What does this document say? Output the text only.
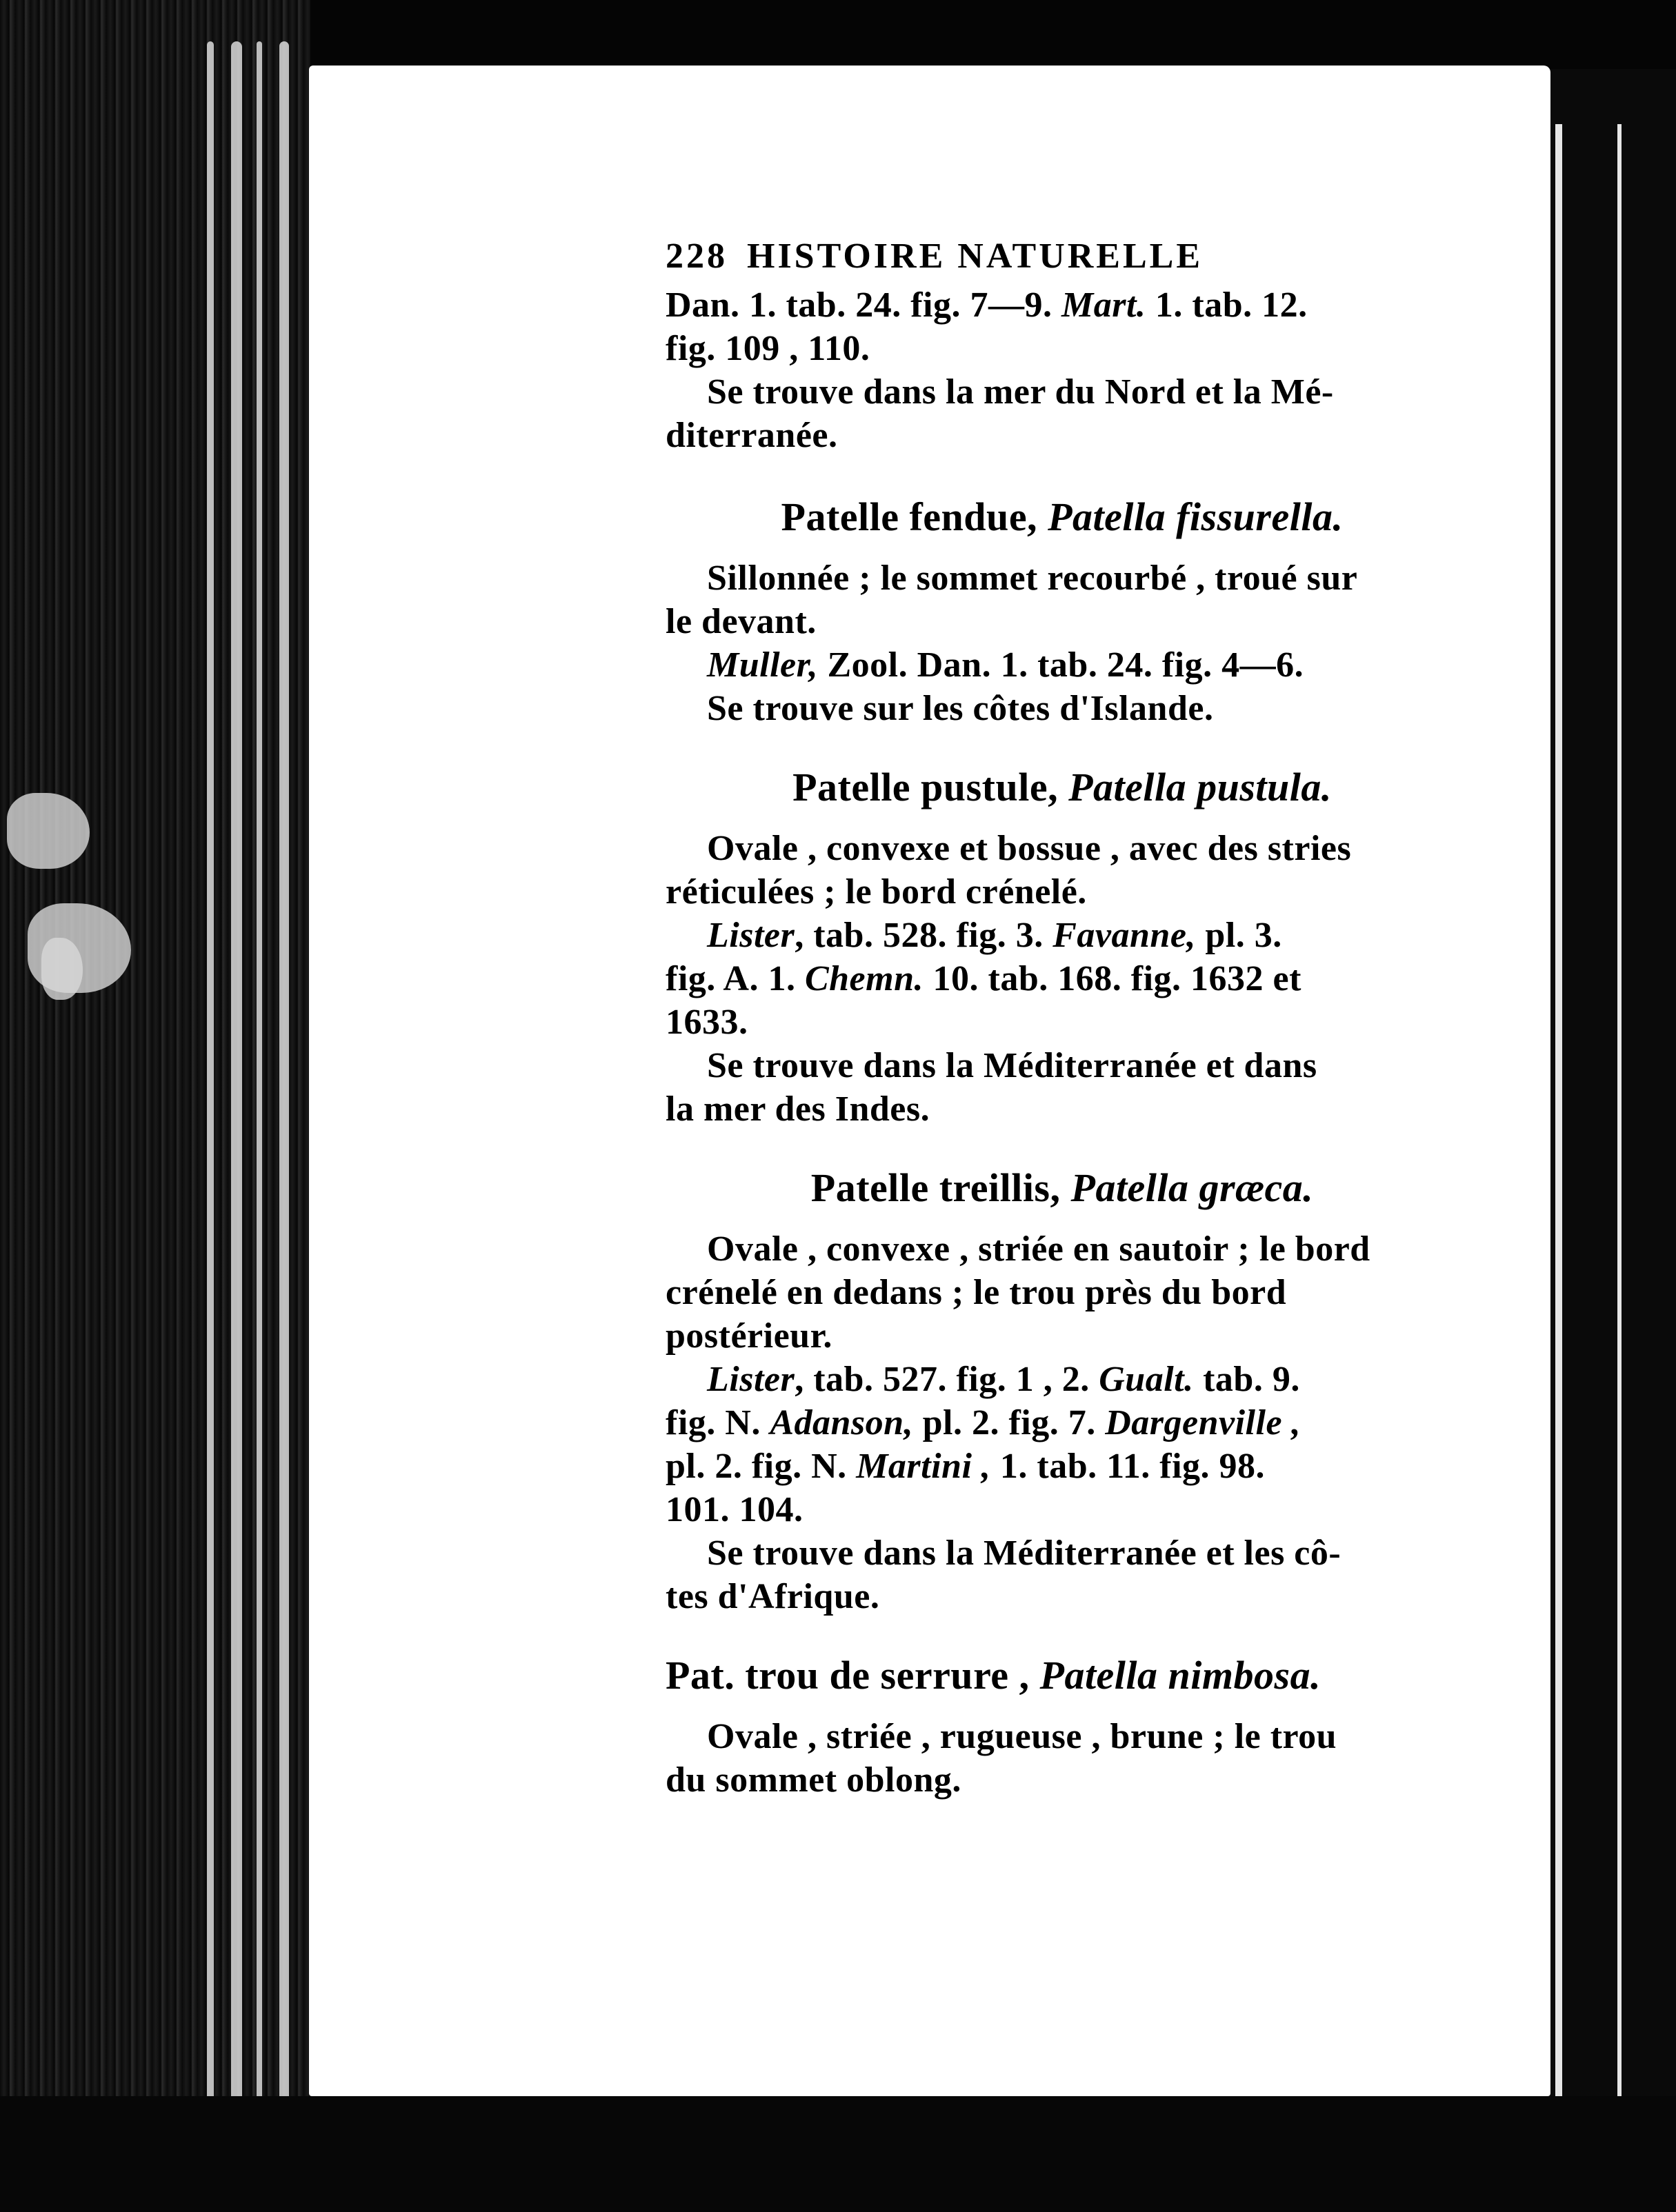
228 HISTOIRE NATURELLE
Dan. 1. tab. 24. fig. 7—9. Mart. 1. tab. 12.
fig. 109 , 110.
Se trouve dans la mer du Nord et la Mé-
diterranée.
Patelle fendue, Patella fissurella.
Sillonnée ; le sommet recourbé , troué sur
le devant.
Muller, Zool. Dan. 1. tab. 24. fig. 4—6.
Se trouve sur les côtes d'Islande.
Patelle pustule, Patella pustula.
Ovale , convexe et bossue , avec des stries
réticulées ; le bord crénelé.
Lister, tab. 528. fig. 3. Favanne, pl. 3.
fig. A. 1. Chemn. 10. tab. 168. fig. 1632 et
1633.
Se trouve dans la Méditerranée et dans
la mer des Indes.
Patelle treillis, Patella græca.
Ovale , convexe , striée en sautoir ; le bord
crénelé en dedans ; le trou près du bord
postérieur.
Lister, tab. 527. fig. 1 , 2. Gualt. tab. 9.
fig. N. Adanson, pl. 2. fig. 7. Dargenville ,
pl. 2. fig. N. Martini , 1. tab. 11. fig. 98.
101. 104.
Se trouve dans la Méditerranée et les cô-
tes d'Afrique.
Pat. trou de serrure , Patella nimbosa.
Ovale , striée , rugueuse , brune ; le trou
du sommet oblong.
